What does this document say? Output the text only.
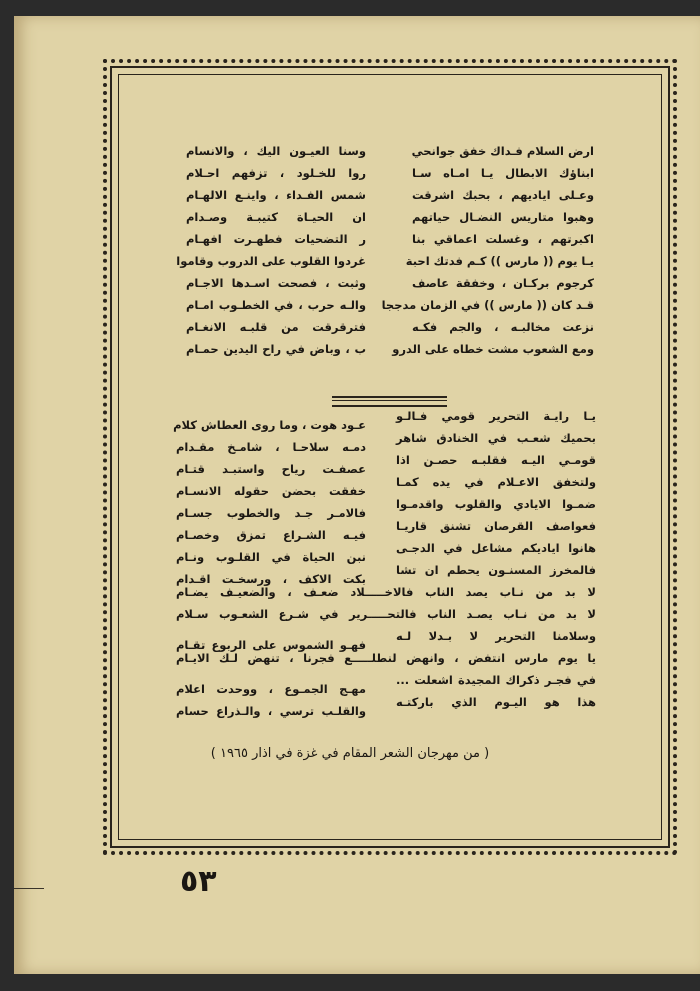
ارض السلام فـداك خفق جوانحي
ابناؤك الابطال يـا امـاه سـا
وعـلى اياديهم ، بحبك اشرقت
وهبوا متاريس النضـال حياتهم
اكبرتهم ، وغسلت اعماقي بنا
يـا يوم (( مارس )) كـم فدتك احبة
كرجوم بركـان ، وخفقة عاصف
قـد كان (( مارس )) في الزمان مدججا
نزعت مخالبـه ، والجم فكـه
ومع الشعوب مشت خطاه على الدرو
وسنا العيـون اليك ، والانسام
روا للخـلود ، تزفهم احـلام
شمس الفـداء ، واينـع الالهـام
ان الحيـاة كتيبـة وصـدام
ر التضحيات فطهـرت افهـام
غردوا القلوب على الدروب وقاموا
وثبت ، فصحت اسـدها الاجـام
والـه حرب ، في الخطـوب امـام
فترقرقت من قلبـه الانغـام
ب ، وباض في راح اليدين حمـام
يـا رايـة التحرير قومي فـالـو
بحميك شعـب في الخنادق شاهر
قومـي اليـه فقلبـه حصـن اذا
ولتخفق الاعـلام في يده كمـا
ضمـوا الايادي والقلوب واقدمـوا
فعواصف القرصان تشنق قاريـا
هانوا اياديكم مشاعل في الدجـى
فالمخرز المسنـون يحطم ان تشا
لا بد من نـاب يصد الناب فالاخـــــلاد ضعـف ، والضعيـف يضـام
لا بد من نـاب يصـد الناب فالتحـــــرير في شـرع الشعـوب سـلام
وسلامنا التحرير لا بـدلا لـه
يا يوم مارس انتفض ، وانهض لنطلـــــع فجرنا ، تنهض لـك الايـام
في فجـر ذكراك المجيدة اشعلت ...
هذا هو اليـوم الذي باركتـه
عـود هوت ، وما روى العطاش كلام
دمـه سلاحـا ، شامـخ مقـدام
عصفـت رياح واستبـد قتـام
خفقت بحضن حقوله الانسـام
فالامـر جـد والخطوب جسـام
فيـه الشـراع تمزق وخصـام
نبن الحياة في القلـوب ونـام
بكت الاكف ، ورسخـت اقـدام
فهـو الشموس على الربوع تقـام
مهـج الجمـوع ، ووحدت اعلام
والقلـب ترسي ، والـذراع حسام
( من مهرجان الشعر المقام في غزة في اذار ١٩٦٥ )
٥٣
